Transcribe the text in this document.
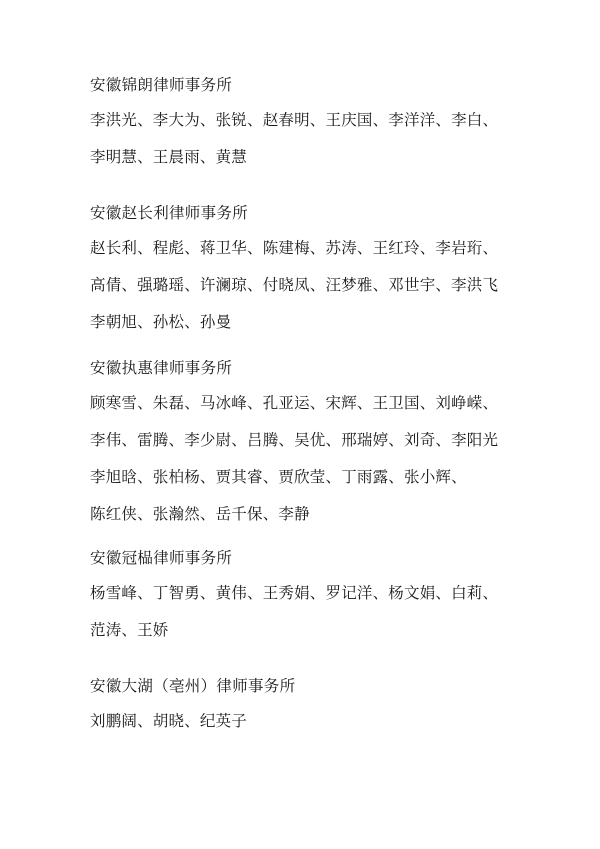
安徽锦朗律师事务所
李洪光、李大为、张锐、赵春明、王庆国、李洋洋、李白、
李明慧、王晨雨、黄慧
安徽赵长利律师事务所
赵长利、程彪、蒋卫华、陈建梅、苏涛、王红玲、李岩珩、
高倩、强璐瑶、许澜琼、付晓凤、汪梦雅、邓世宇、李洪飞
李朝旭、孙松、孙曼
安徽执惠律师事务所
顾寒雪、朱磊、马冰峰、孔亚运、宋辉、王卫国、刘峥嵘、
李伟、雷腾、李少尉、吕腾、吴优、邢瑞婷、刘奇、李阳光
李旭晗、张柏杨、贾其睿、贾欣莹、丁雨露、张小辉、
陈红侠、张瀚然、岳千保、李静
安徽冠榀律师事务所
杨雪峰、丁智勇、黄伟、王秀娟、罗记洋、杨文娟、白莉、
范涛、王娇
安徽大湖（亳州）律师事务所
刘鹏阔、胡晓、纪英子
